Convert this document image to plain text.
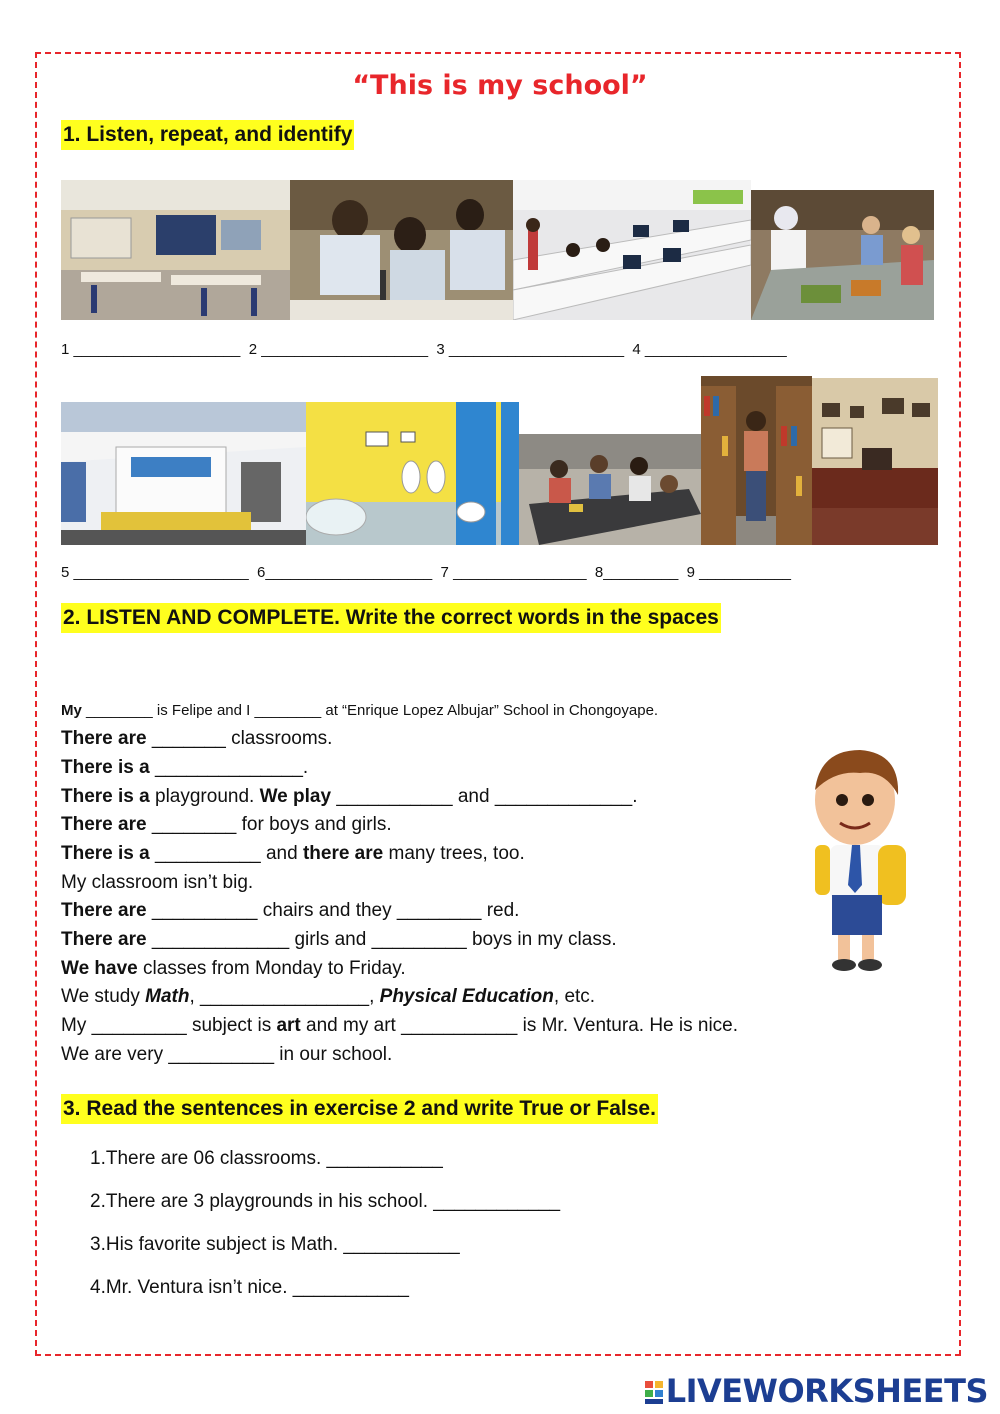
“This is my school”
1. Listen, repeat, and identify
1 ____________________  2 ____________________  3 _____________________  4 _________________
5 _____________________  6____________________  7 ________________  8_________  9 ___________
2. LISTEN AND COMPLETE. Write the correct words in the spaces
My ________ is Felipe and I ________ at “Enrique Lopez Albujar” School in Chongoyape.
There are _______ classrooms.
There is a ______________.
There is a playground. We play ___________ and _____________.
There are ________ for boys and girls.
There is a __________ and there are many trees, too.
My classroom isn’t big.
There are __________ chairs and they ________ red.
There are _____________ girls and _________ boys in my class.
We have classes from Monday to Friday.
We study Math, ________________, Physical Education, etc.
My _________ subject is art and my art ___________ is Mr. Ventura. He is nice.
We are very __________ in our school.
3. Read the sentences in exercise 2 and write True or False.
1.There are 06 classrooms. ___________
2.There are 3 playgrounds in his school. ____________
3.His favorite subject is Math. ___________
4.Mr. Ventura isn’t nice. ___________
LIVEWORKSHEETS
